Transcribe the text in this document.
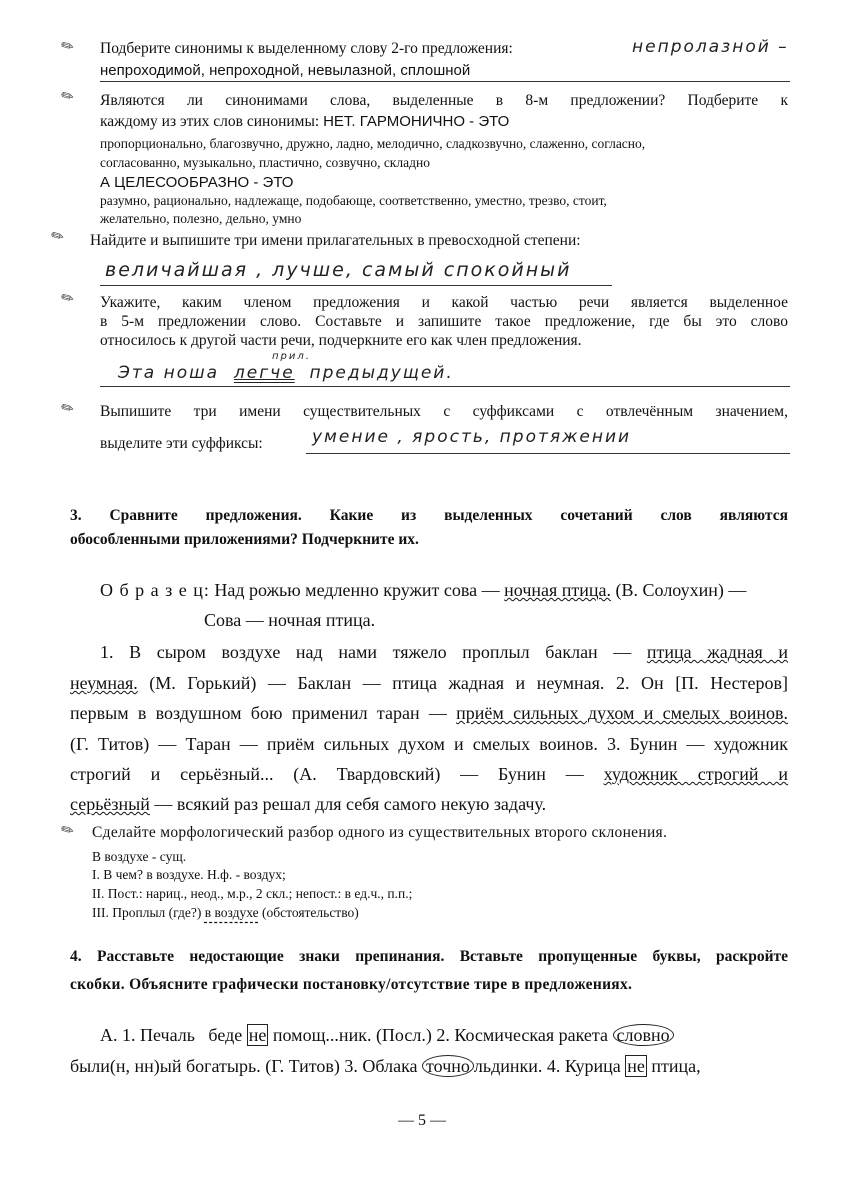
✎ Подберите синонимы к выделенному слову 2-го предложения:	непролазной –
непроходимой, непроходной, невылазной, сплошной
✎ Являются ли синонимами слова, выделенные в 8-м предложении? Подберите к
каждому из этих слов синонимы: НЕТ. ГАРМОНИЧНО - ЭТО
пропорционально, благозвучно, дружно, ладно, мелодично, сладкозвучно, слаженно, согласно,
согласованно, музыкально, пластично, созвучно, складно
А ЦЕЛЕСООБРАЗНО - ЭТО
разумно, рационально, надлежаще, подобающе, соответственно, уместно, трезво, стоит,
желательно, полезно, дельно, умно
✎ Найдите и выпишите три имени прилагательных в превосходной степени:
величайшая , лучше, самый спокойный
✎ Укажите, каким членом предложения и какой частью речи является выделенное
в 5-м предложении слово. Составьте и запишите такое предложение, где бы это слово
относилось к другой части речи, подчеркните его как член предложения.
прил.
Эта ноша легче предыдущей.
✎ Выпишите три имени существительных с суффиксами с отвлечённым значением,
выделите эти суффиксы:	умение , ярость, протяжении
3. Сравните предложения. Какие из выделенных сочетаний слов являются
обособленными приложениями? Подчеркните их.
О б р а з е ц: Над рожью медленно кружит сова — ночная птица. (В. Солоухин) —
Сова — ночная птица.
1. В сыром воздухе над нами тяжело проплыл баклан — птица жадная и
неумная. (М. Горький) — Баклан — птица жадная и неумная. 2. Он [П. Нестеров]
первым в воздушном бою применил таран — приём сильных духом и смелых воинов.
(Г. Титов) — Таран — приём сильных духом и смелых воинов. 3. Бунин — художник
строгий и серьёзный... (А. Твардовский) — Бунин — художник строгий и
серьёзный — всякий раз решал для себя самого некую задачу.
✎ Сделайте морфологический разбор одного из существительных второго склонения.
В воздухе - сущ.
I. В чем? в воздухе. Н.ф. - воздух;
II. Пост.: нариц., неод., м.р., 2 скл.; непост.: в ед.ч., п.п.;
III. Проплыл (где?) в воздухе (обстоятельство)
4. Расставьте недостающие знаки препинания. Вставьте пропущенные буквы, раскройте
скобки. Объясните графически постановку/отсутствие тире в предложениях.
А. 1. Печаль   беде не помощ...ник. (Посл.) 2. Космическая ракета словно
были(н, нн)ый богатырь. (Г. Титов) 3. Облака точно льдинки. 4. Курица не птица,
— 5 —
